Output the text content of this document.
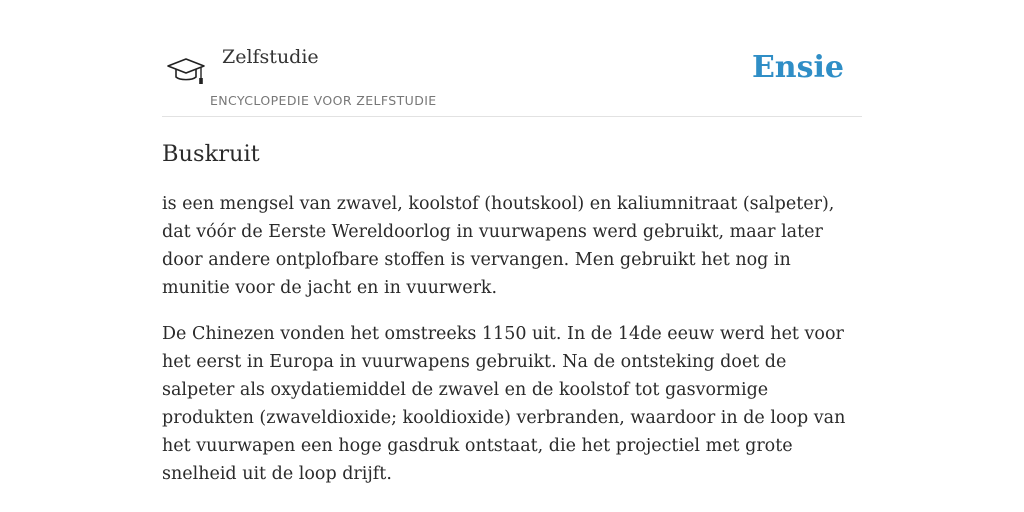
Zelfstudie
ENCYCLOPEDIE VOOR ZELFSTUDIE
Ensie
Buskruit

is een mengsel van zwavel, koolstof (houtskool) en kaliumnitraat (salpeter), dat vóór de Eerste Wereldoorlog in vuurwapens werd gebruikt, maar later door andere ontplofbare stoffen is vervangen. Men gebruikt het nog in munitie voor de jacht en in vuurwerk.

De Chinezen vonden het omstreeks 1150 uit. In de 14de eeuw werd het voor het eerst in Europa in vuurwapens gebruikt. Na de ontsteking doet de salpeter als oxydatiemiddel de zwavel en de koolstof tot gasvormige produkten (zwaveldioxide; kooldioxide) verbranden, waardoor in de loop van het vuurwapen een hoge gasdruk ontstaat, die het projectiel met grote snelheid uit de loop drijft.
